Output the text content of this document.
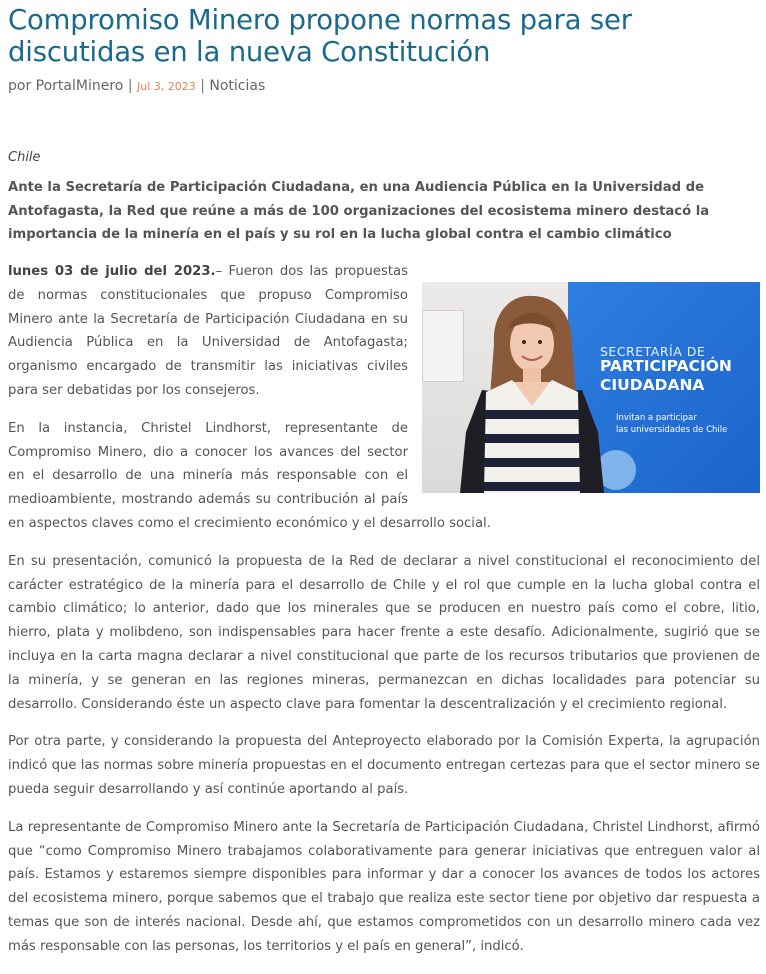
Compromiso Minero propone normas para ser discutidas en la nueva Constitución
por PortalMinero | Jul 3, 2023 | Noticias
Chile

Ante la Secretaría de Participación Ciudadana, en una Audiencia Pública en la Universidad de Antofagasta, la Red que reúne a más de 100 organizaciones del ecosistema minero destacó la importancia de la minería en el país y su rol en la lucha global contra el cambio climático

SECRETARÍA DE
PARTICIPACIÓN
CIUDADANA
Invitan a participar
las universidades de Chile

lunes 03 de julio del 2023.– Fueron dos las propuestas de normas constitucionales que propuso Compromiso Minero ante la Secretaría de Participación Ciudadana en su Audiencia Pública en la Universidad de Antofagasta; organismo encargado de transmitir las iniciativas civiles para ser debatidas por los consejeros.

En la instancia, Christel Lindhorst, representante de Compromiso Minero, dio a conocer los avances del sector en el desarrollo de una minería más responsable con el medioambiente, mostrando además su contribución al país en aspectos claves como el crecimiento económico y el desarrollo social.

En su presentación, comunicó la propuesta de la Red de declarar a nivel constitucional el reconocimiento del carácter estratégico de la minería para el desarrollo de Chile y el rol que cumple en la lucha global contra el cambio climático; lo anterior, dado que los minerales que se producen en nuestro país como el cobre, litio, hierro, plata y molibdeno, son indispensables para hacer frente a este desafío. Adicionalmente, sugirió que se incluya en la carta magna declarar a nivel constitucional que parte de los recursos tributarios que provienen de la minería, y se generan en las regiones mineras, permanezcan en dichas localidades para potenciar su desarrollo. Considerando éste un aspecto clave para fomentar la descentralización y el crecimiento regional.

Por otra parte, y considerando la propuesta del Anteproyecto elaborado por la Comisión Experta, la agrupación indicó que las normas sobre minería propuestas en el documento entregan certezas para que el sector minero se pueda seguir desarrollando y así continúe aportando al país.

La representante de Compromiso Minero ante la Secretaría de Participación Ciudadana, Christel Lindhorst, afirmó que “como Compromiso Minero trabajamos colaborativamente para generar iniciativas que entreguen valor al país. Estamos y estaremos siempre disponibles para informar y dar a conocer los avances de todos los actores del ecosistema minero, porque sabemos que el trabajo que realiza este sector tiene por objetivo dar respuesta a temas que son de interés nacional. Desde ahí, que estamos comprometidos con un desarrollo minero cada vez más responsable con las personas, los territorios y el país en general”, indicó.
